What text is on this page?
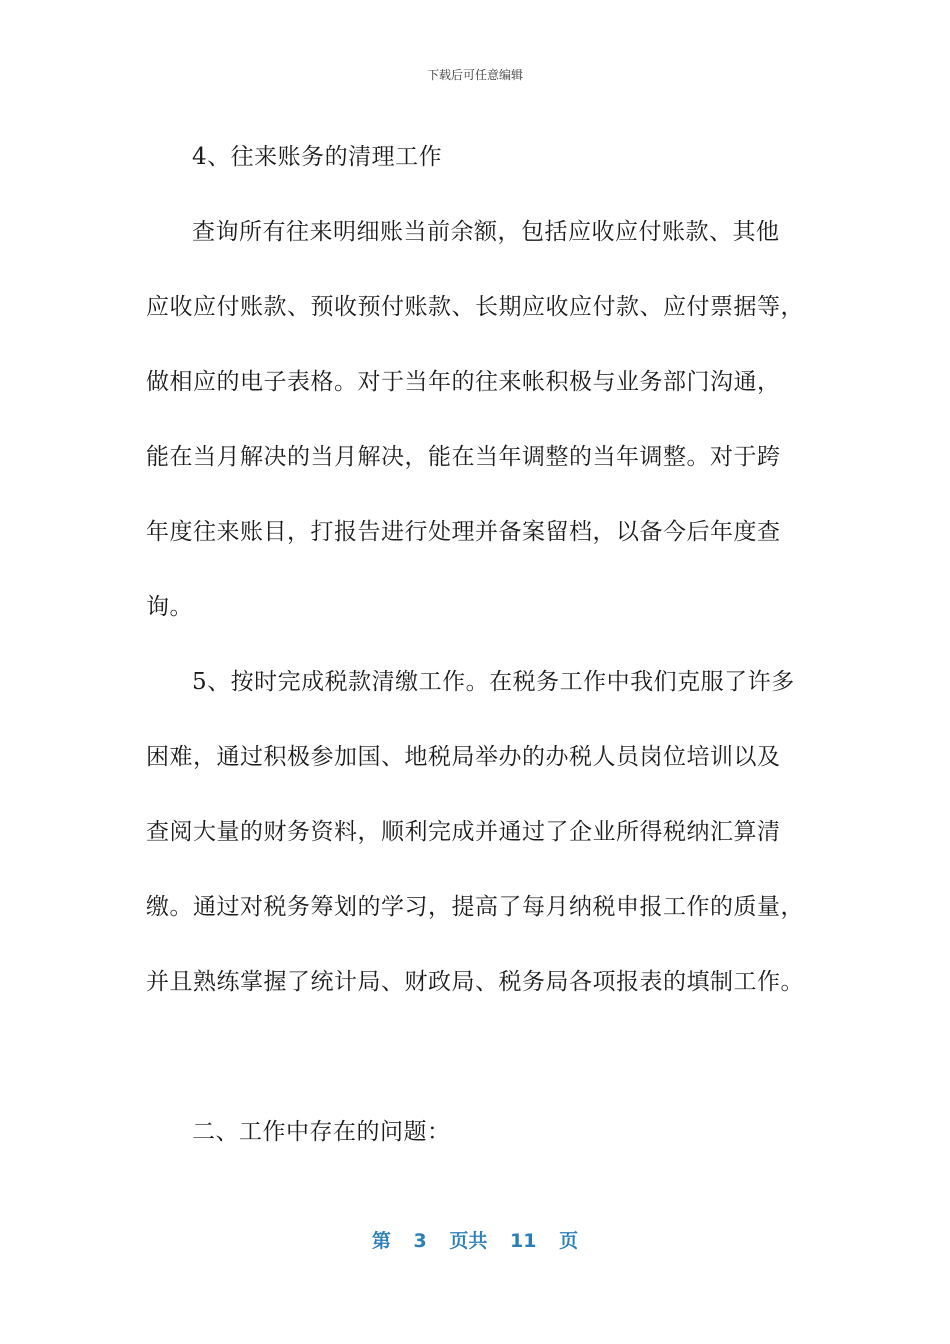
下载后可任意编辑
4、往来账务的清理工作
查询所有往来明细账当前余额，包括应收应付账款、其他
应收应付账款、预收预付账款、长期应收应付款、应付票据等，
做相应的电子表格。对于当年的往来帐积极与业务部门沟通，
能在当月解决的当月解决，能在当年调整的当年调整。对于跨
年度往来账目，打报告进行处理并备案留档，以备今后年度查
询。
5、按时完成税款清缴工作。在税务工作中我们克服了许多
困难，通过积极参加国、地税局举办的办税人员岗位培训以及
查阅大量的财务资料，顺利完成并通过了企业所得税纳汇算清
缴。通过对税务筹划的学习，提高了每月纳税申报工作的质量，
并且熟练掌握了统计局、财政局、税务局各项报表的填制工作。
二、工作中存在的问题：
第 3 页共 11 页
